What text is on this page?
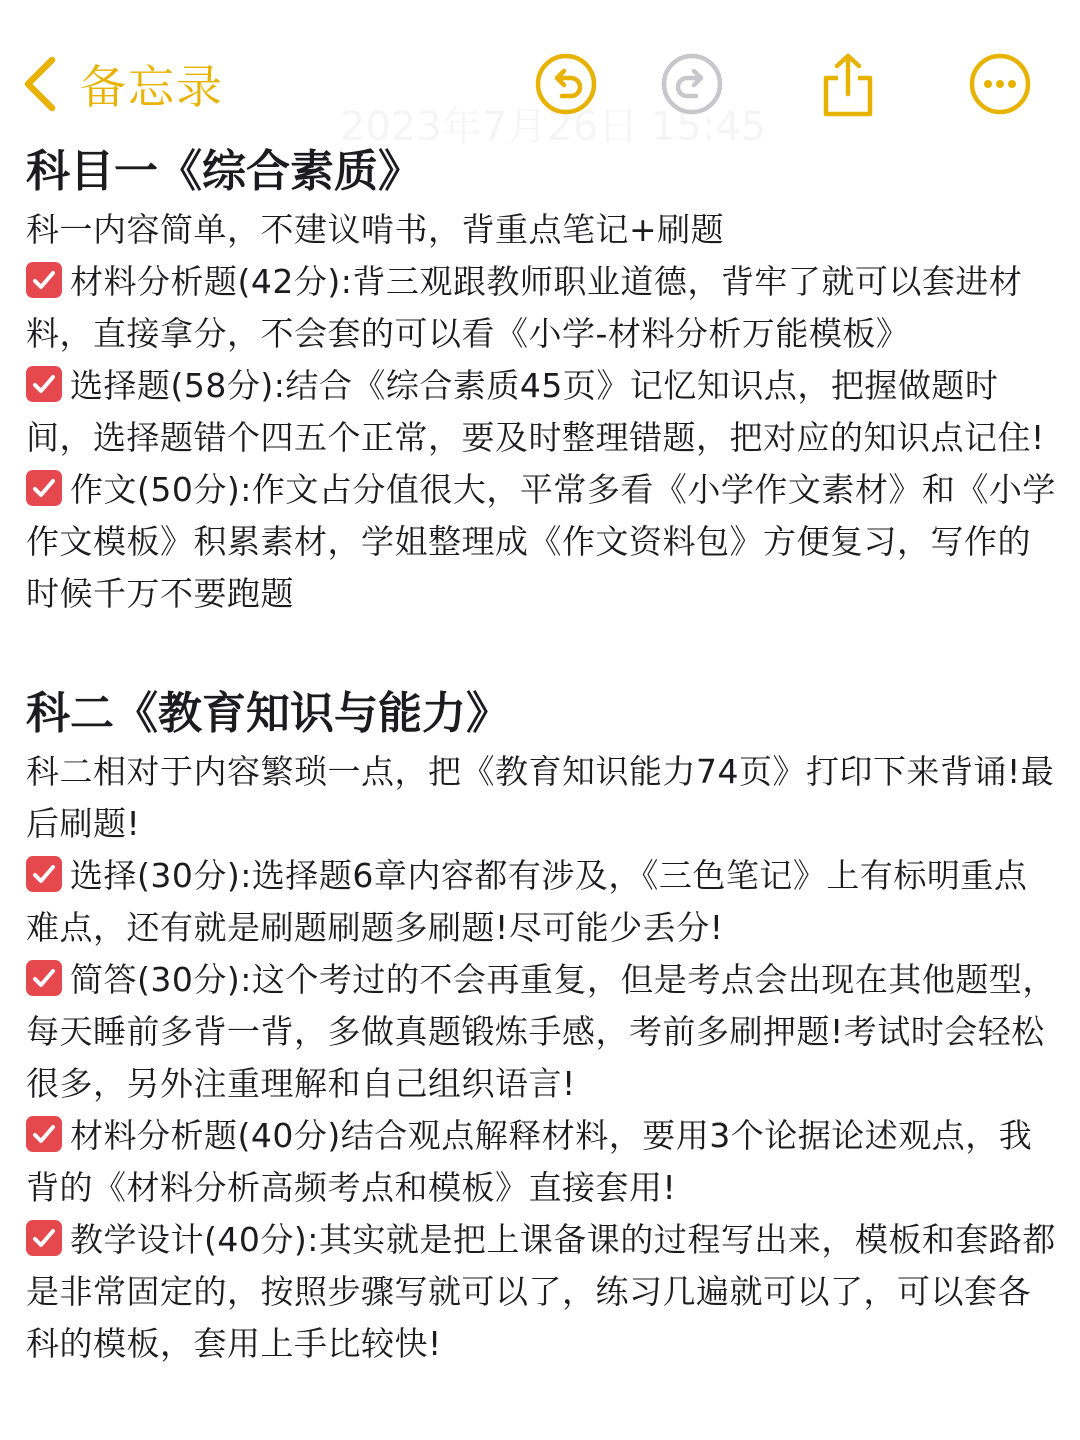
备忘录
科目一《综合素质》

科一内容简单，不建议啃书，背重点笔记+刷题

材料分析题(42分):背三观跟教师职业道德，背牢了就可以套进材料，直接拿分，不会套的可以看《小学-材料分析万能模板》

选择题(58分):结合《综合素质45页》记忆知识点，把握做题时间，选择题错个四五个正常，要及时整理错题，把对应的知识点记住!

作文(50分):作文占分值很大，平常多看《小学作文素材》和《小学作文模板》积累素材，学姐整理成《作文资料包》方便复习，写作的时候千万不要跑题

科二《教育知识与能力》

科二相对于内容繁琐一点，把《教育知识能力74页》打印下来背诵!最后刷题!

选择(30分):选择题6章内容都有涉及，《三色笔记》上有标明重点难点，还有就是刷题刷题多刷题!尽可能少丢分!

简答(30分):这个考过的不会再重复，但是考点会出现在其他题型，每天睡前多背一背，多做真题锻炼手感，考前多刷押题!考试时会轻松很多，另外注重理解和自己组织语言!

材料分析题(40分)结合观点解释材料，要用3个论据论述观点，我背的《材料分析高频考点和模板》直接套用!

教学设计(40分):其实就是把上课备课的过程写出来，模板和套路都是非常固定的，按照步骤写就可以了，练习几遍就可以了，可以套各科的模板，套用上手比较快!
